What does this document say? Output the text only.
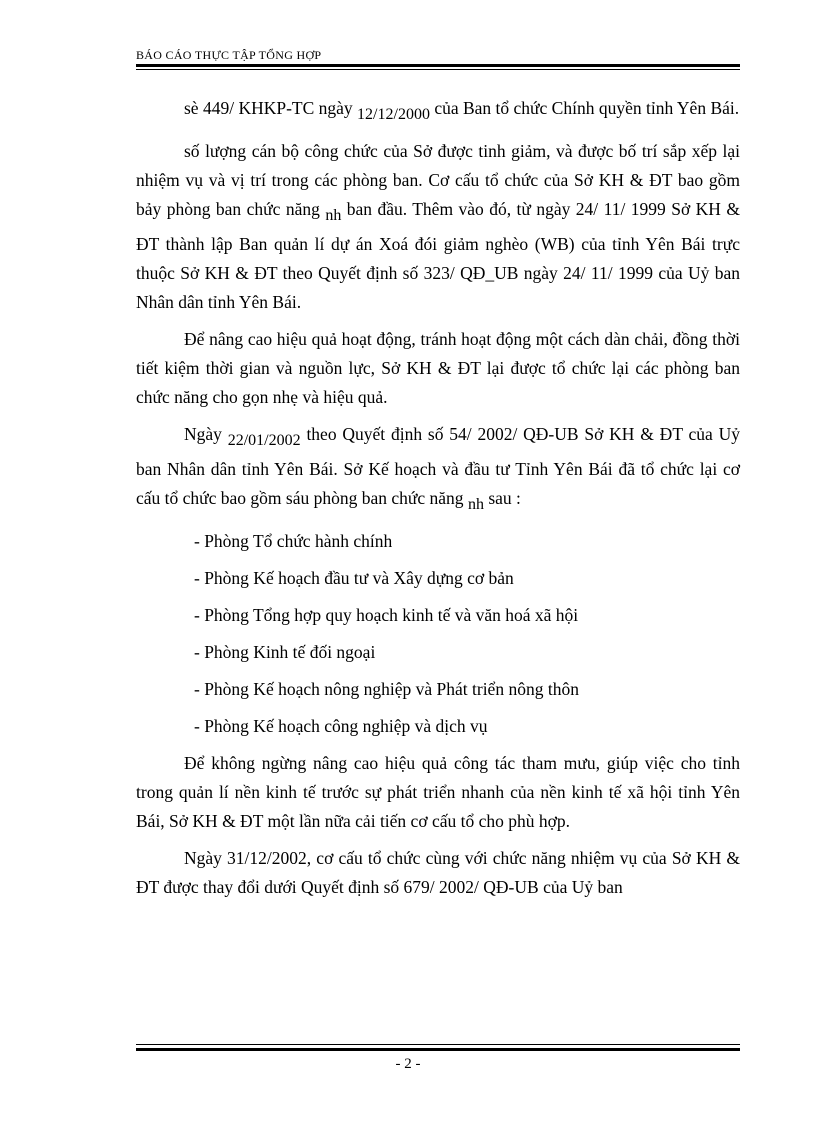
BÁO CÁO THỰC TẬP TỔNG HỢP

sè 449/ KHKP-TC ngày 12/12/2000 của Ban tổ chức Chính quyền tỉnh Yên Bái.

số lượng cán bộ công chức của Sở được tinh giảm, và được bố trí sắp xếp lại nhiệm vụ và vị trí trong các phòng ban. Cơ cấu tổ chức của Sở KH & ĐT bao gồm bảy phòng ban chức năng nh ban đầu. Thêm vào đó, từ ngày 24/ 11/ 1999 Sở KH & ĐT thành lập Ban quản lí dự án Xoá đói giảm nghèo (WB) của tỉnh Yên Bái trực thuộc Sở KH & ĐT theo Quyết định số 323/ QĐ_UB ngày 24/ 11/ 1999 của Uỷ ban Nhân dân tỉnh Yên Bái.

Để nâng cao hiệu quả hoạt động, tránh hoạt động một cách dàn chải, đồng thời tiết kiệm thời gian và nguồn lực, Sở KH & ĐT lại được tổ chức lại các phòng ban chức năng cho gọn nhẹ và hiệu quả.

Ngày 22/01/2002 theo Quyết định số 54/ 2002/ QĐ-UB Sở KH & ĐT của Uỷ ban Nhân dân tỉnh Yên Bái. Sở Kế hoạch và đầu tư Tỉnh Yên Bái đã tổ chức lại cơ cấu tổ chức bao gồm sáu phòng ban chức năng nh sau :

- Phòng Tổ chức hành chính
- Phòng Kế hoạch đầu tư và Xây dựng cơ bản
- Phòng Tổng hợp quy hoạch kinh tế và văn hoá xã hội
- Phòng Kinh tế đối ngoại
- Phòng Kế hoạch nông nghiệp và Phát triển nông thôn
- Phòng Kế hoạch công nghiệp và dịch vụ

Để không ngừng nâng cao hiệu quả công tác tham mưu, giúp việc cho tỉnh trong quản lí nền kinh tế trước sự phát triển nhanh của nền kinh tế xã hội tỉnh Yên Bái, Sở KH & ĐT một lần nữa cải tiến cơ cấu tổ cho phù hợp.

Ngày 31/12/2002, cơ cấu tổ chức cùng với chức năng nhiệm vụ của Sở KH & ĐT được thay đổi dưới Quyết định số 679/ 2002/ QĐ-UB của Uỷ ban

- 2 -
